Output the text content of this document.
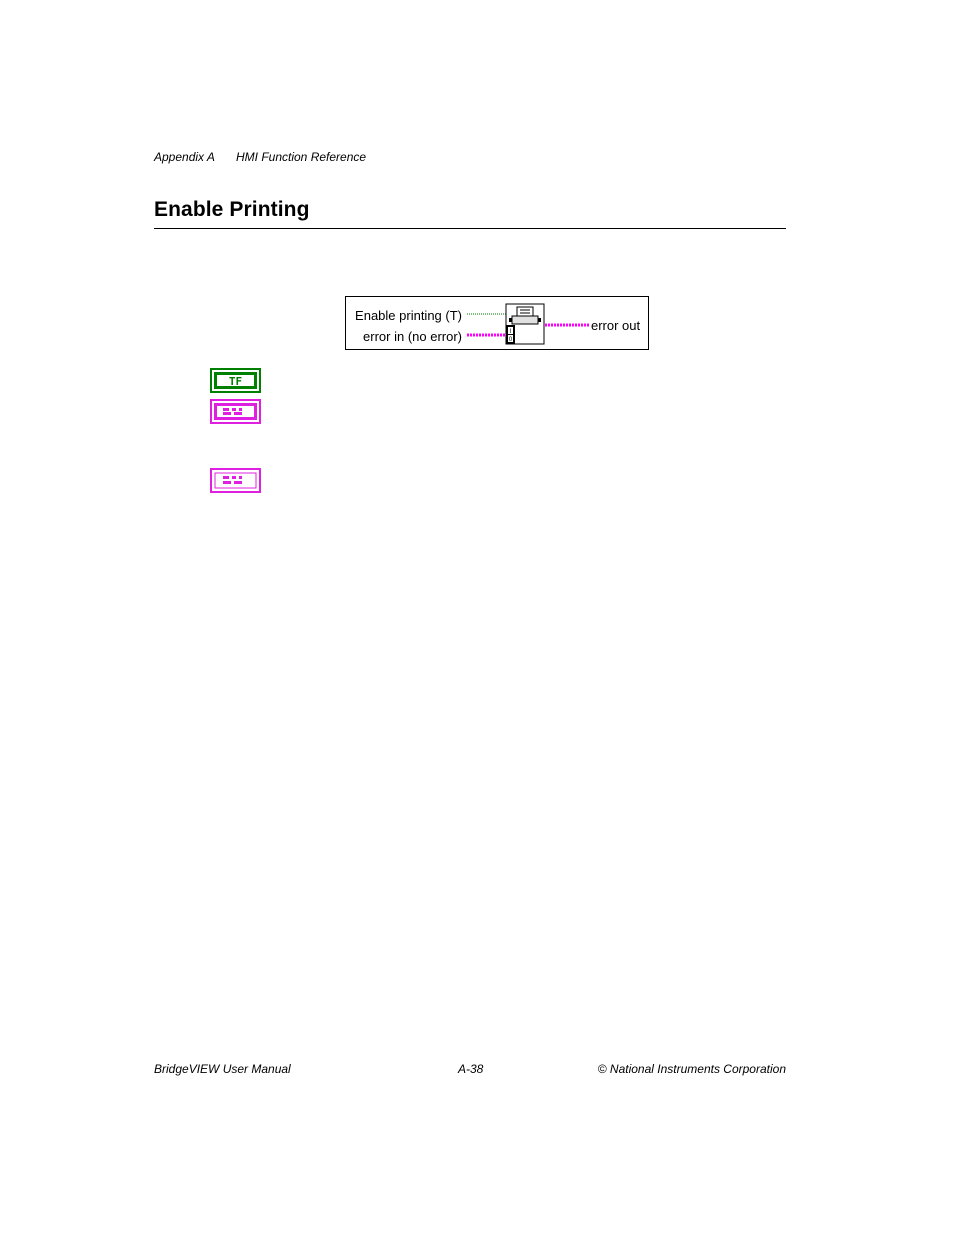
Appendix A HMI Function Reference
Enable Printing
Enable printing (T)
error in (no error)	I
0
error out
TF
BridgeVIEW User Manual	A-38	© National Instruments Corporation
